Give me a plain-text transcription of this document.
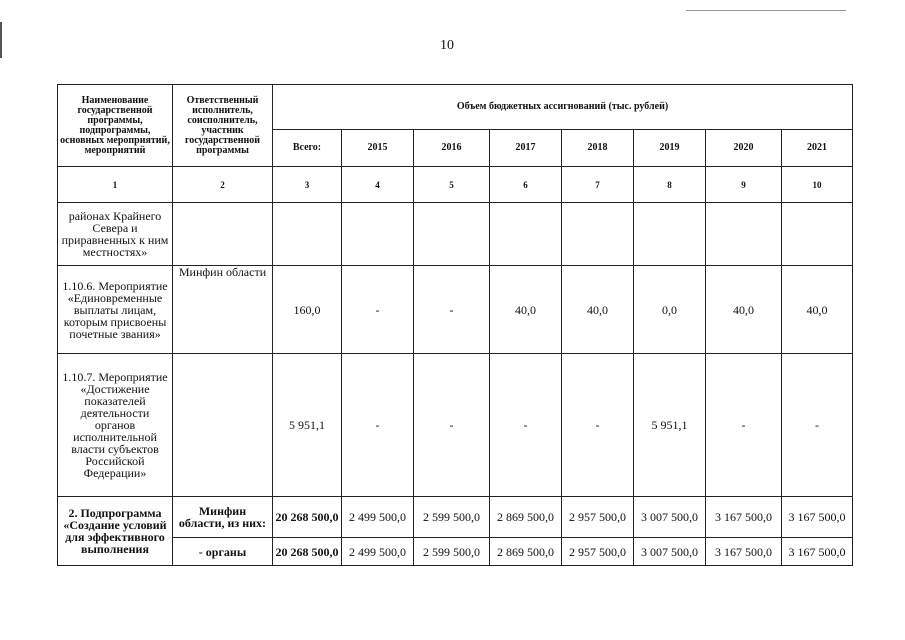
10
Наименование государственной программы, подпрограммы, основных мероприятий, мероприятий	Ответственный исполнитель, соисполнитель, участник государственной программы	Объем бюджетных ассигнований (тыс. рублей)							
		Всего:	2015	2016	2017	2018	2019	2020	2021
1	2	3	4	5	6	7	8	9	10
районах Крайнего Севера и приравненных к ним местностях»									
1.10.6. Мероприятие «Единовременные выплаты лицам, которым присвоены почетные звания»	Минфин области	160,0	-	-	40,0	40,0	0,0	40,0	40,0
1.10.7. Мероприятие «Достижение показателей деятельности органов исполнительной власти субъектов Российской Федерации»		5 951,1	-	-	-	-	5 951,1	-	-
2. Подпрограмма «Создание условий для эффективного выполнения	Минфин области, из них:	20 268 500,0	2 499 500,0	2 599 500,0	2 869 500,0	2 957 500,0	3 007 500,0	3 167 500,0	3 167 500,0
	- органы	20 268 500,0	2 499 500,0	2 599 500,0	2 869 500,0	2 957 500,0	3 007 500,0	3 167 500,0	3 167 500,0
